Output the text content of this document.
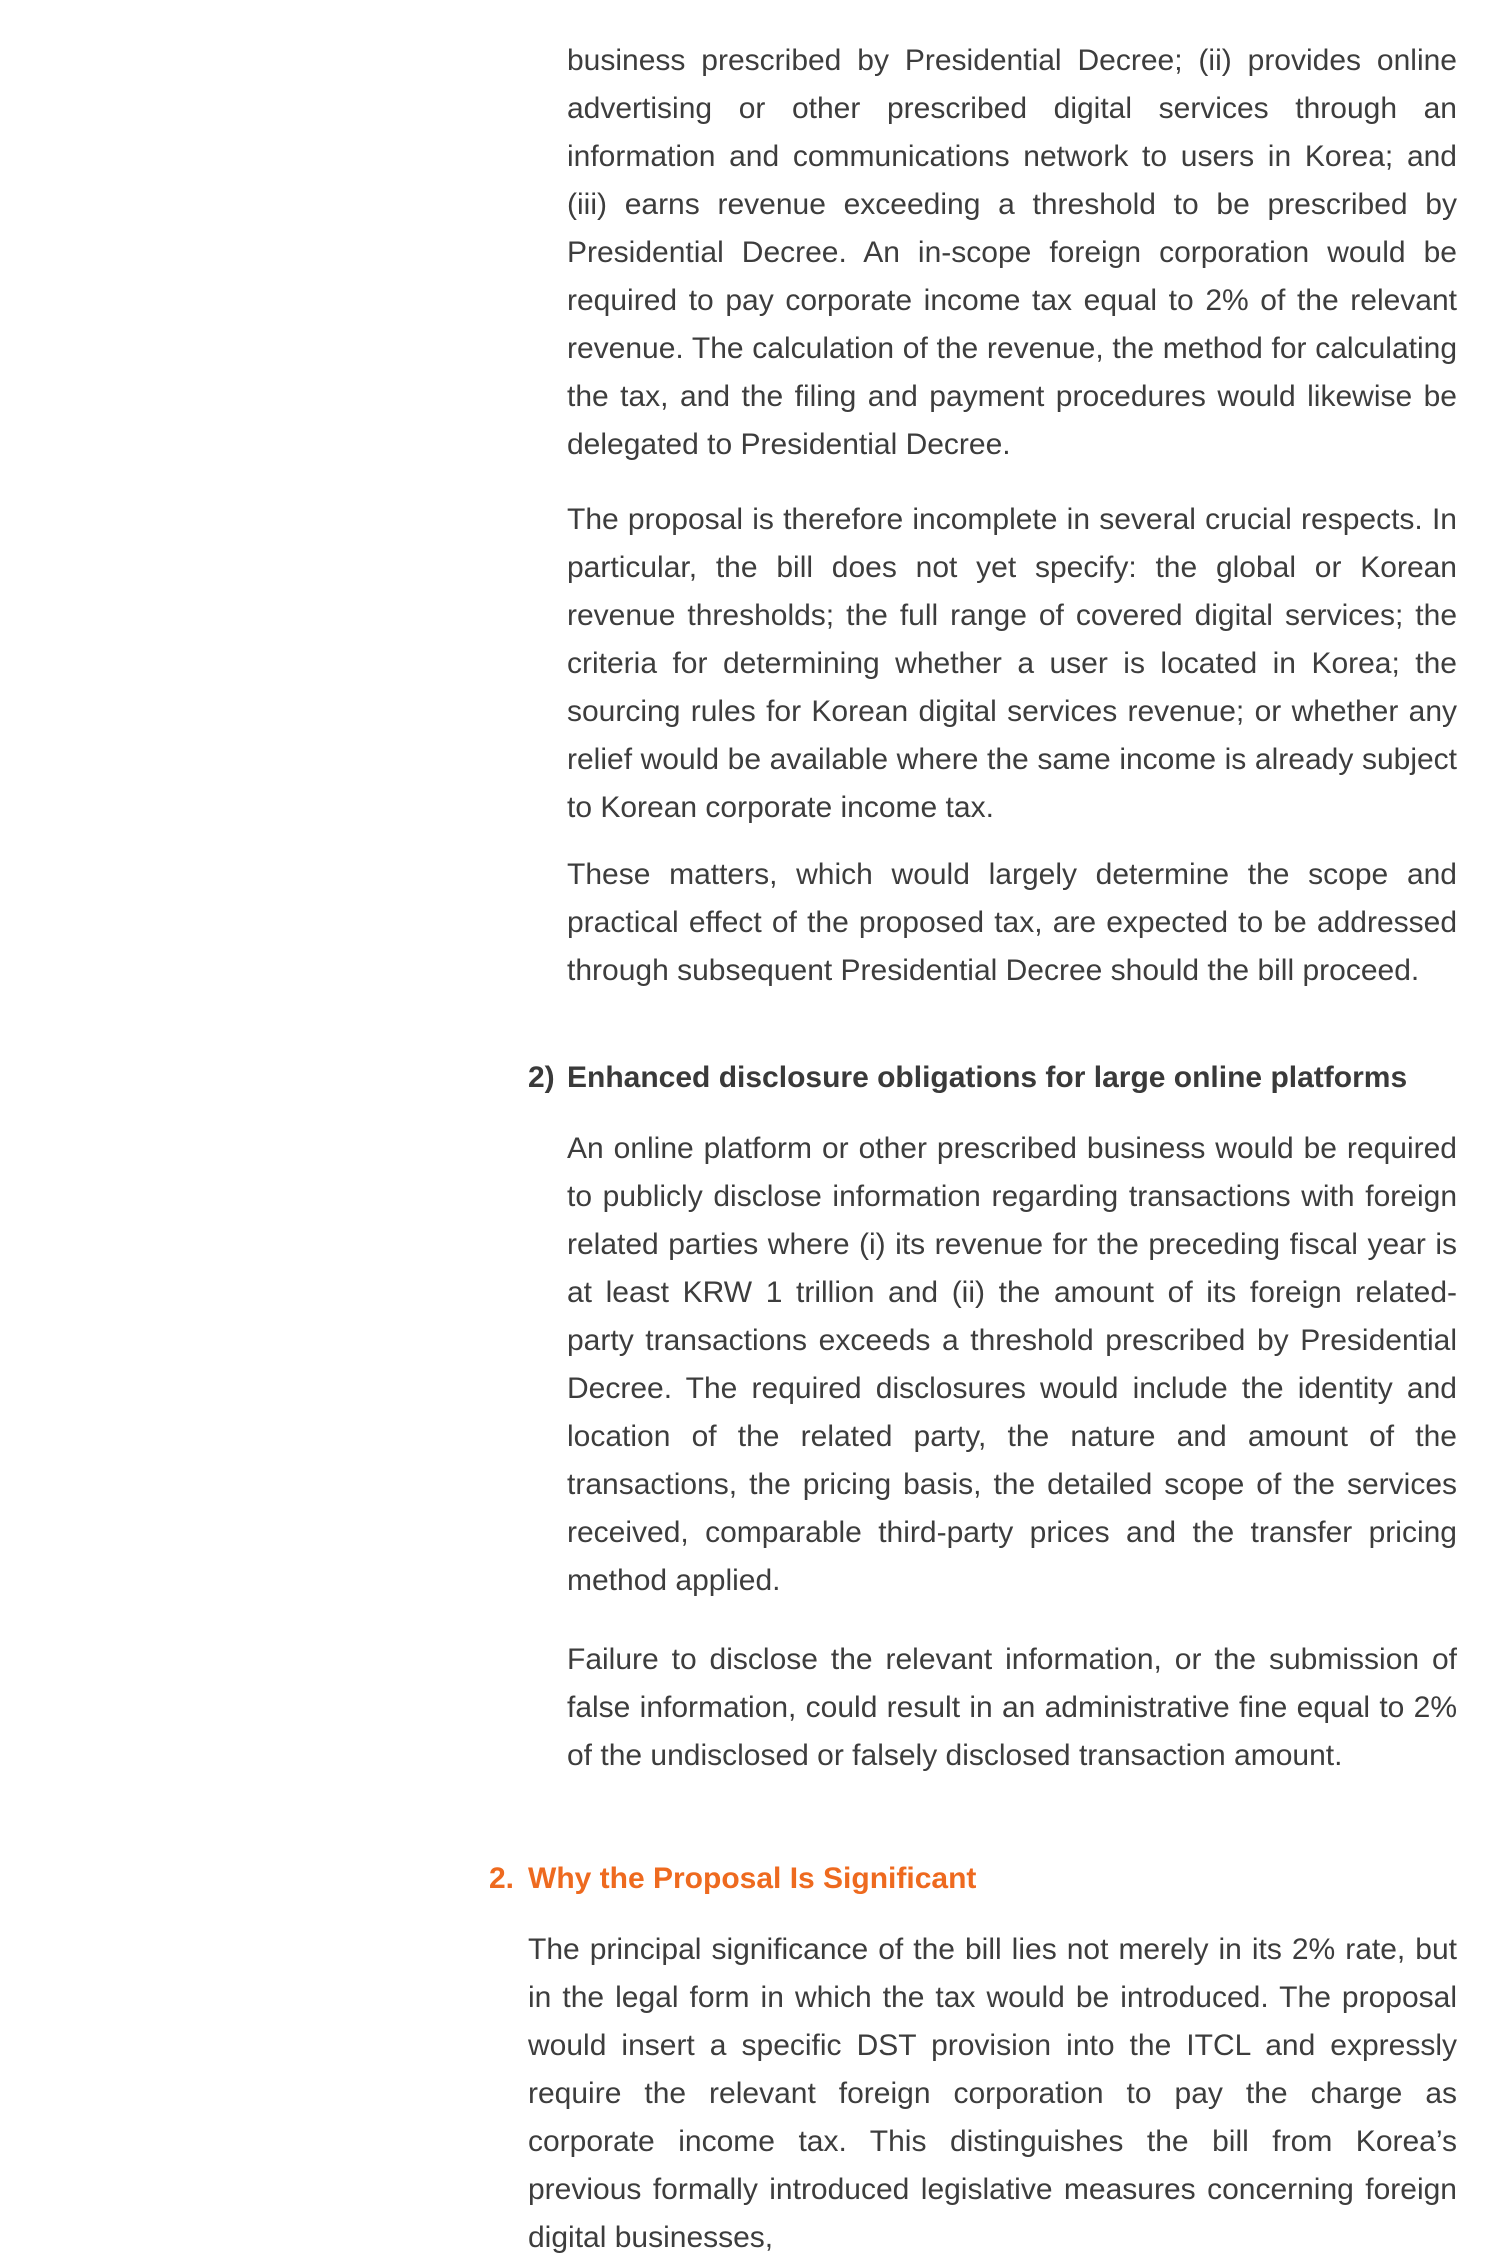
business prescribed by Presidential Decree; (ii) provides online advertising or other prescribed digital services through an information and communications network to users in Korea; and (iii) earns revenue exceeding a threshold to be prescribed by Presidential Decree. An in-scope foreign corporation would be required to pay corporate income tax equal to 2% of the relevant revenue. The calculation of the revenue, the method for calculating the tax, and the filing and payment procedures would likewise be delegated to Presidential Decree.

The proposal is therefore incomplete in several crucial respects. In particular, the bill does not yet specify: the global or Korean revenue thresholds; the full range of covered digital services; the criteria for determining whether a user is located in Korea; the sourcing rules for Korean digital services revenue; or whether any relief would be available where the same income is already subject to Korean corporate income tax.

These matters, which would largely determine the scope and practical effect of the proposed tax, are expected to be addressed through subsequent Presidential Decree should the bill proceed.

2) Enhanced disclosure obligations for large online platforms

An online platform or other prescribed business would be required to publicly disclose information regarding transactions with foreign related parties where (i) its revenue for the preceding fiscal year is at least KRW 1 trillion and (ii) the amount of its foreign related-party transactions exceeds a threshold prescribed by Presidential Decree. The required disclosures would include the identity and location of the related party, the nature and amount of the transactions, the pricing basis, the detailed scope of the services received, comparable third-party prices and the transfer pricing method applied.

Failure to disclose the relevant information, or the submission of false information, could result in an administrative fine equal to 2% of the undisclosed or falsely disclosed transaction amount.

2. Why the Proposal Is Significant

The principal significance of the bill lies not merely in its 2% rate, but in the legal form in which the tax would be introduced. The proposal would insert a specific DST provision into the ITCL and expressly require the relevant foreign corporation to pay the charge as corporate income tax. This distinguishes the bill from Korea’s previous formally introduced legislative measures concerning foreign digital businesses,
